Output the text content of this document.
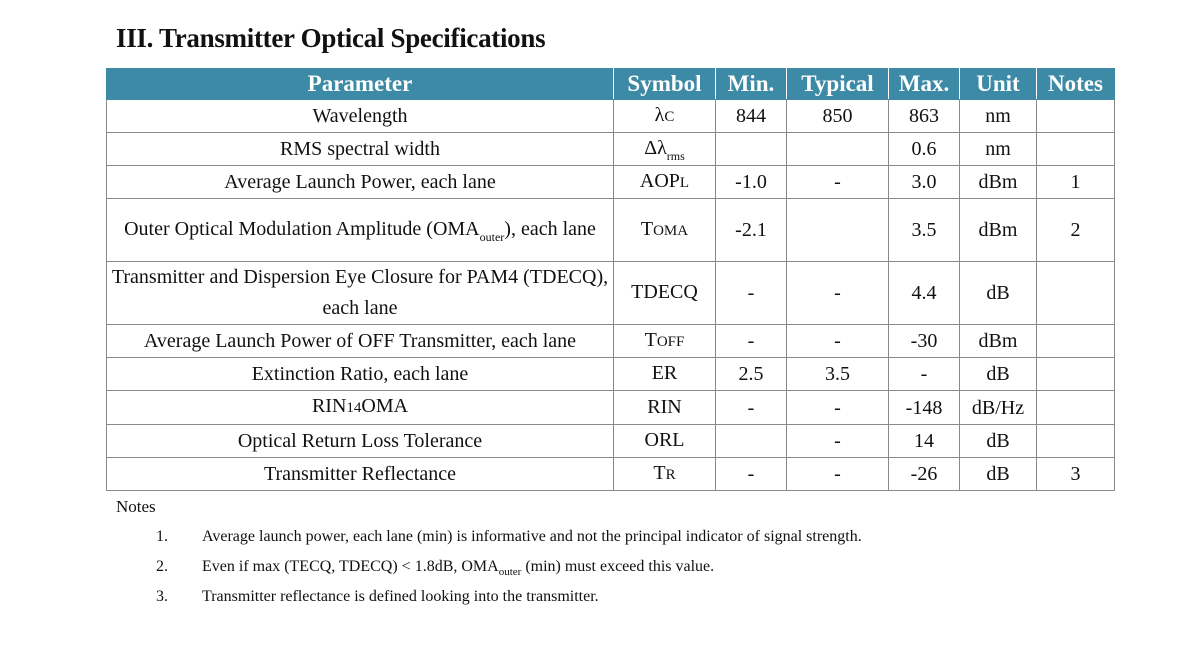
III. Transmitter Optical Specifications
Parameter	Symbol	Min.	Typical	Max.	Unit	Notes
Wavelength	λC	844	850	863	nm	
RMS spectral width	$\Delta\lambda_{rms}$			0.6	nm	
Average Launch Power, each lane	AOPL	-1.0	-	3.0	dBm	1
Outer Optical Modulation Amplitude $(OMA_{outer})$, each lane	TOMA	-2.1		3.5	dBm	2
Transmitter and Dispersion Eye Closure for PAM4 (TDECQ), each lane	TDECQ	-	-	4.4	dB	
Average Launch Power of OFF Transmitter, each lane	TOFF	-	-	-30	dBm	
Extinction Ratio, each lane	ER	2.5	3.5	-	dB	
RIN14OMA	RIN	-	-	-148	dB/Hz	
Optical Return Loss Tolerance	ORL		-	14	dB	
Transmitter Reflectance	TR	-	-	-26	dB	3
Notes
1.	Average launch power, each lane (min) is informative and not the principal indicator of signal strength.
2.	Even if max (TECQ, TDECQ) < 1.8dB, $OMA_{outer}$ (min) must exceed this value.
3.	Transmitter reflectance is defined looking into the transmitter.
